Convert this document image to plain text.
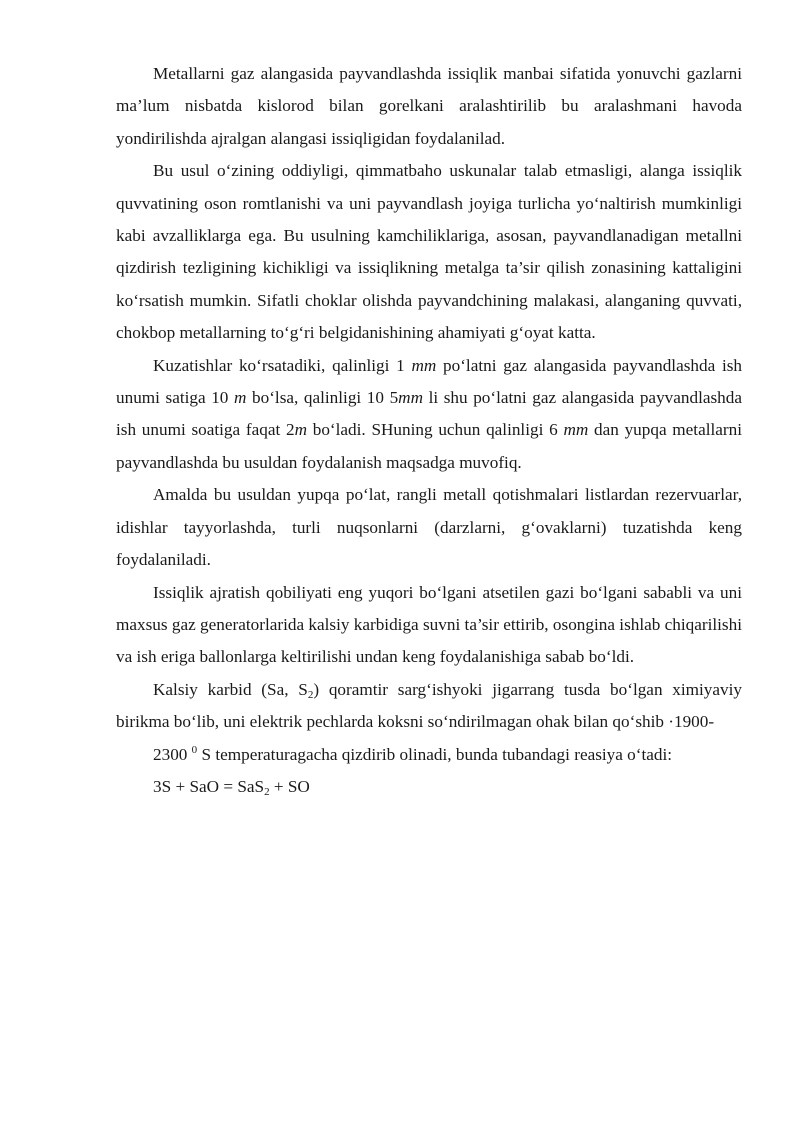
Metallarni gaz alangasida payvandlashda issiqlik manbai sifatida yonuvchi gazlarni ma’lum nisbatda kislorod bilan gorelkani aralashtirilib bu aralashmani havoda yondirilishda ajralgan alangasi issiqligidan foydalanilad.

Bu usul o‘zining oddiyligi, qimmatbaho uskunalar talab etmasligi, alanga issiqlik quvvatining oson romtlanishi va uni payvandlash joyiga turlicha yo‘naltirish mumkinligi kabi avzalliklarga ega. Bu usulning kamchiliklariga, asosan, payvandlanadigan metallni qizdirish tezligining kichikligi va issiqlikning metalga ta’sir qilish zonasining kattaligini ko‘rsatish mumkin. Sifatli choklar olishda payvandchining malakasi, alanganing quvvati, chokbop metallarning to‘g‘ri belgidanishining ahamiyati g‘oyat katta.

Kuzatishlar ko‘rsatadiki, qalinligi 1 mm po‘latni gaz alangasida payvandlashda ish unumi satiga 10 m bo‘lsa, qalinligi 10 5mm li shu po‘latni gaz alangasida payvandlashda ish unumi soatiga faqat 2m bo‘ladi. SHuning uchun qalinligi 6 mm dan yupqa metallarni payvandlashda bu usuldan foydalanish maqsadga muvofiq.

Amalda bu usuldan yupqa po‘lat, rangli metall qotishmalari listlardan rezervuarlar, idishlar tayyorlashda, turli nuqsonlarni (darzlarni, g‘ovaklarni) tuzatishda keng foydalaniladi.

Issiqlik ajratish qobiliyati eng yuqori bo‘lgani atsetilen gazi bo‘lgani sababli va uni maxsus gaz generatorlarida kalsiy karbidiga suvni ta’sir ettirib, osongina ishlab chiqarilishi va ish eriga ballonlarga keltirilishi undan keng foydalanishiga sabab bo‘ldi.

Kalsiy karbid (Sa, $S_2$) qoramtir sarg‘ishyoki jigarrang tusda bo‘lgan ximiyaviy birikma bo‘lib, uni elektrik pechlarda koksni so‘ndirilmagan ohak bilan qo‘shib ·1900-

2300 $^0$ S temperaturagacha qizdirib olinadi, bunda tubandagi reasiya o‘tadi:

3S + SaO = SaS$_2$ + SO
